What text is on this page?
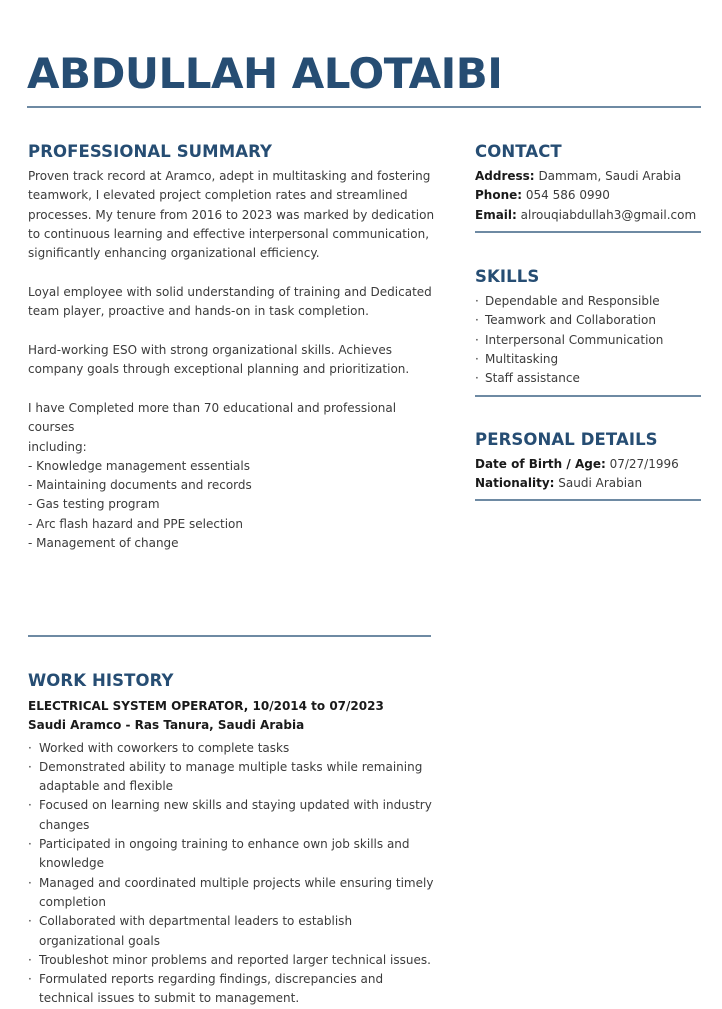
ABDULLAH ALOTAIBI
PROFESSIONAL SUMMARY

Proven track record at Aramco, adept in multitasking and fostering teamwork, I elevated project completion rates and streamlined processes. My tenure from 2016 to 2023 was marked by dedication to continuous learning and effective interpersonal communication, significantly enhancing organizational efficiency.

Loyal employee with solid understanding of training and Dedicated team player, proactive and hands-on in task completion.

Hard-working ESO with strong organizational skills. Achieves company goals through exceptional planning and prioritization.

I have Completed more than 70 educational and professional courses
including:
- Knowledge management essentials
- Maintaining documents and records
- Gas testing program
- Arc flash hazard and PPE selection
- Management of change
CONTACT

Address: Dammam, Saudi Arabia

Phone: 054 586 0990

Email: alrouqiabdullah3@gmail.com

SKILLS
· Dependable and Responsible
· Teamwork and Collaboration
· Interpersonal Communication
· Multitasking
· Staff assistance
PERSONAL DETAILS

Date of Birth / Age: 07/27/1996

Nationality: Saudi Arabian

WORK HISTORY

ELECTRICAL SYSTEM OPERATOR, 10/2014 to 07/2023

Saudi Aramco - Ras Tanura, Saudi Arabia

· Worked with coworkers to complete tasks
· Demonstrated ability to manage multiple tasks while remaining adaptable and flexible
· Focused on learning new skills and staying updated with industry changes
· Participated in ongoing training to enhance own job skills and knowledge
· Managed and coordinated multiple projects while ensuring timely completion
· Collaborated with departmental leaders to establish organizational goals
· Troubleshot minor problems and reported larger technical issues.
· Formulated reports regarding findings, discrepancies and technical issues to submit to management.
